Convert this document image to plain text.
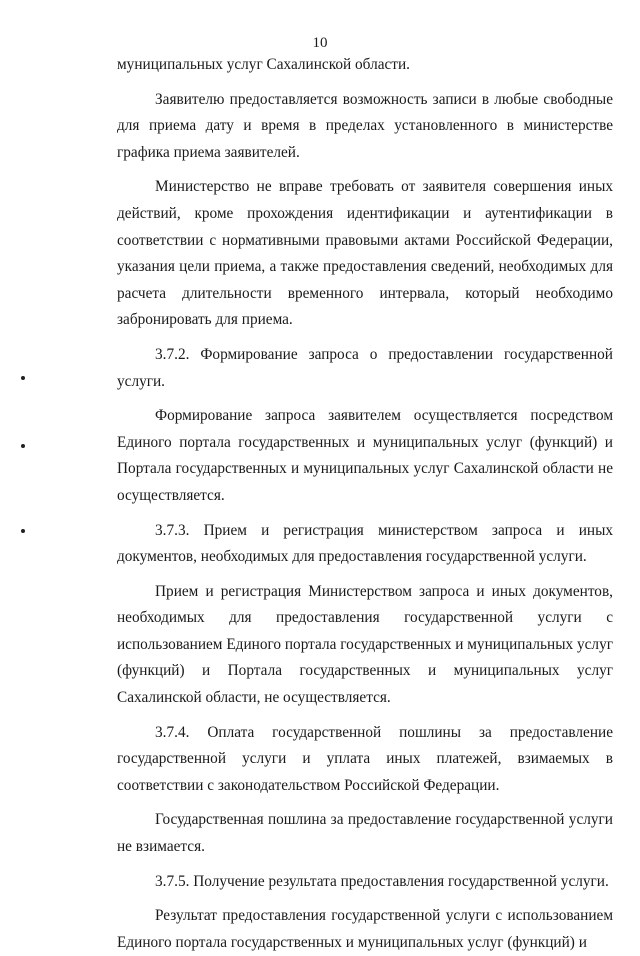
10

муниципальных услуг Сахалинской области.

Заявителю предоставляется возможность записи в любые свободные для приема дату и время в пределах установленного в министерстве графика приема заявителей.

Министерство не вправе требовать от заявителя совершения иных действий, кроме прохождения идентификации и аутентификации в соответствии с нормативными правовыми актами Российской Федерации, указания цели приема, а также предоставления сведений, необходимых для расчета длительности временного интервала, который необходимо забронировать для приема.

3.7.2. Формирование запроса о предоставлении государственной услуги.

Формирование запроса заявителем осуществляется посредством Единого портала государственных и муниципальных услуг (функций) и Портала государственных и муниципальных услуг Сахалинской области не осуществляется.

3.7.3. Прием и регистрация министерством запроса и иных документов, необходимых для предоставления государственной услуги.

Прием и регистрация Министерством запроса и иных документов, необходимых для предоставления государственной услуги с использованием Единого портала государственных и муниципальных услуг (функций) и Портала государственных и муниципальных услуг Сахалинской области, не осуществляется.

3.7.4. Оплата государственной пошлины за предоставление государственной услуги и уплата иных платежей, взимаемых в соответствии с законодательством Российской Федерации.

Государственная пошлина за предоставление государственной услуги не взимается.

3.7.5. Получение результата предоставления государственной услуги.

Результат предоставления государственной услуги с использованием Единого портала государственных и муниципальных услуг (функций) и
